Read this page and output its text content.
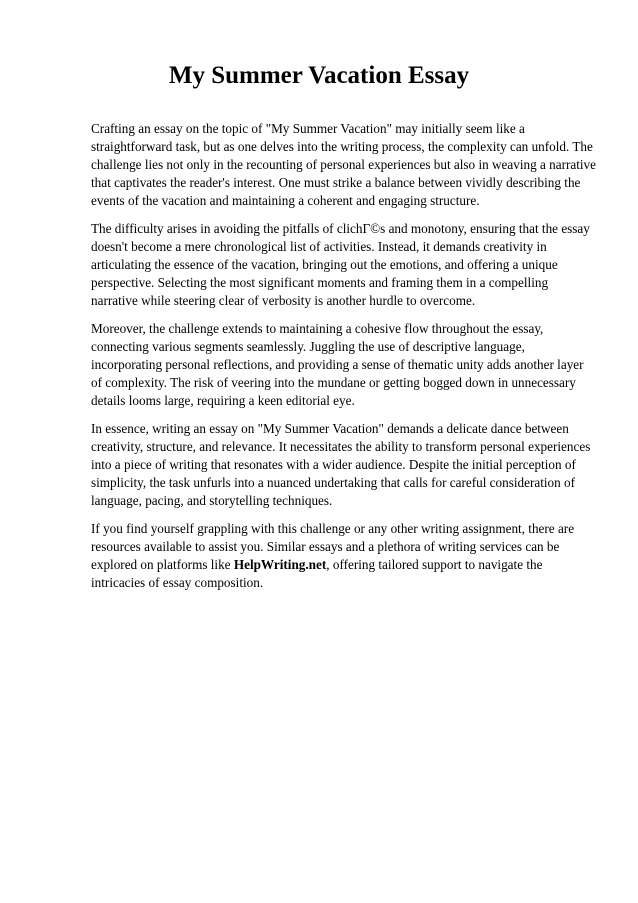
My Summer Vacation Essay

Crafting an essay on the topic of "My Summer Vacation" may initially seem like a straightforward task, but as one delves into the writing process, the complexity can unfold. The challenge lies not only in the recounting of personal experiences but also in weaving a narrative that captivates the reader's interest. One must strike a balance between vividly describing the events of the vacation and maintaining a coherent and engaging structure.

The difficulty arises in avoiding the pitfalls of clichГ©s and monotony, ensuring that the essay doesn't become a mere chronological list of activities. Instead, it demands creativity in articulating the essence of the vacation, bringing out the emotions, and offering a unique perspective. Selecting the most significant moments and framing them in a compelling narrative while steering clear of verbosity is another hurdle to overcome.

Moreover, the challenge extends to maintaining a cohesive flow throughout the essay, connecting various segments seamlessly. Juggling the use of descriptive language, incorporating personal reflections, and providing a sense of thematic unity adds another layer of complexity. The risk of veering into the mundane or getting bogged down in unnecessary details looms large, requiring a keen editorial eye.

In essence, writing an essay on "My Summer Vacation" demands a delicate dance between creativity, structure, and relevance. It necessitates the ability to transform personal experiences into a piece of writing that resonates with a wider audience. Despite the initial perception of simplicity, the task unfurls into a nuanced undertaking that calls for careful consideration of language, pacing, and storytelling techniques.

If you find yourself grappling with this challenge or any other writing assignment, there are resources available to assist you. Similar essays and a plethora of writing services can be explored on platforms like HelpWriting.net, offering tailored support to navigate the intricacies of essay composition.
